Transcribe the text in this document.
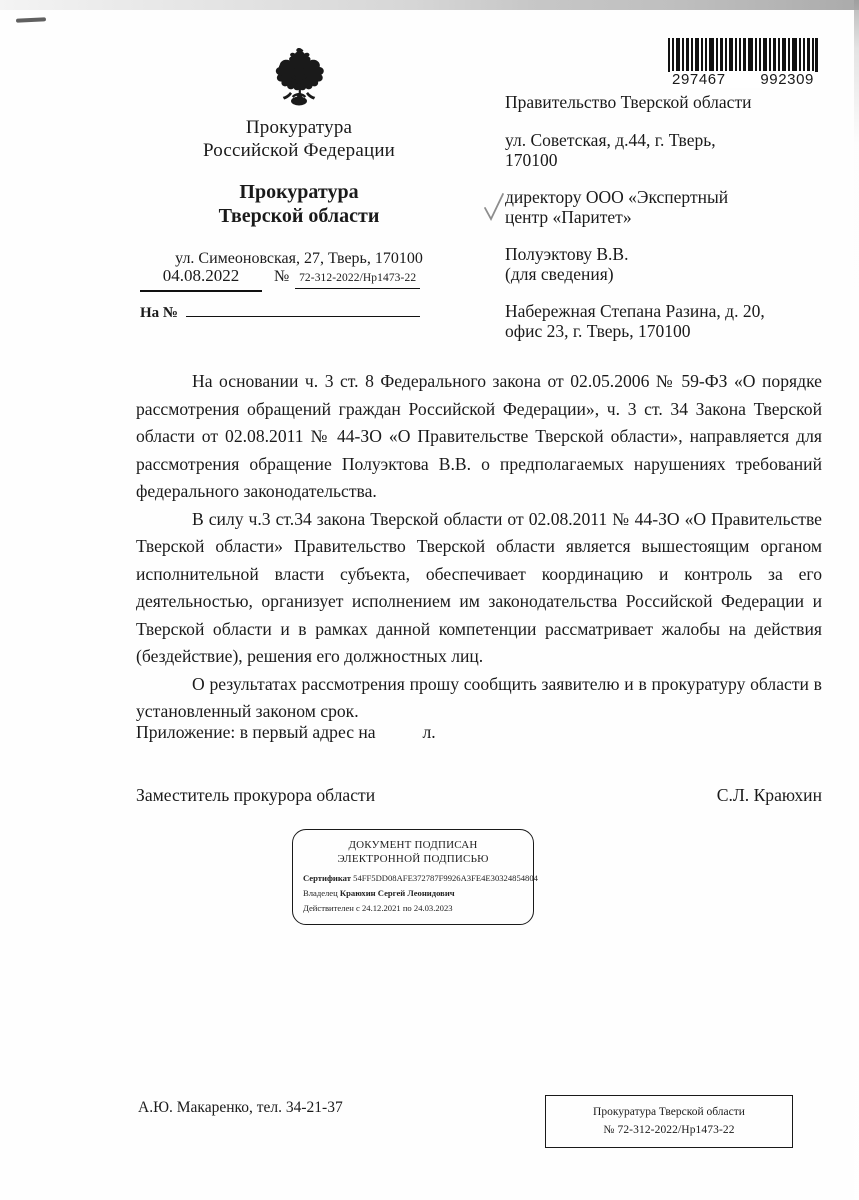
Прокуратура
Российской Федерации
Прокуратура
Тверской области
ул. Симеоновская, 27, Тверь, 170100
04.08.2022	№ 72-312-2022/Нр1473-22
На №
297467 992309
Правительство Тверской области
ул. Советская, д.44, г. Тверь,
170100
директору ООО «Экспертный
центр «Паритет»
Полуэктову В.В.
(для сведения)
Набережная Степана Разина, д. 20,
офис 23, г. Тверь, 170100

На основании ч. 3 ст. 8 Федерального закона от 02.05.2006 № 59-ФЗ «О порядке рассмотрения обращений граждан Российской Федерации», ч. 3 ст. 34 Закона Тверской области от 02.08.2011 № 44-ЗО «О Правительстве Тверской области», направляется для рассмотрения обращение Полуэктова В.В. о предполагаемых нарушениях требований федерального законодательства.

В силу ч.3 ст.34 закона Тверской области от 02.08.2011 № 44-ЗО «О Правительстве Тверской области» Правительство Тверской области является вышестоящим органом исполнительной власти субъекта, обеспечивает координацию и контроль за его деятельностью, организует исполнением им законодательства Российской Федерации и Тверской области и в рамках данной компетенции рассматривает жалобы на действия (бездействие), решения его должностных лиц.

О результатах рассмотрения прошу сообщить заявителю и в прокуратуру области в установленный законом срок.

Приложение: в первый адрес на	л.
Заместитель прокурора области	С.Л. Краюхин
ДОКУМЕНТ ПОДПИСАН
ЭЛЕКТРОННОЙ ПОДПИСЬЮ
Сертификат 54FF5DD08AFE372787F9926A3FE4E30324854804
Владелец Краюхин Сергей Леонидович
Действителен с 24.12.2021 по 24.03.2023
А.Ю. Макаренко, тел. 34-21-37	Прокуратура Тверской области
№ 72-312-2022/Нр1473-22
